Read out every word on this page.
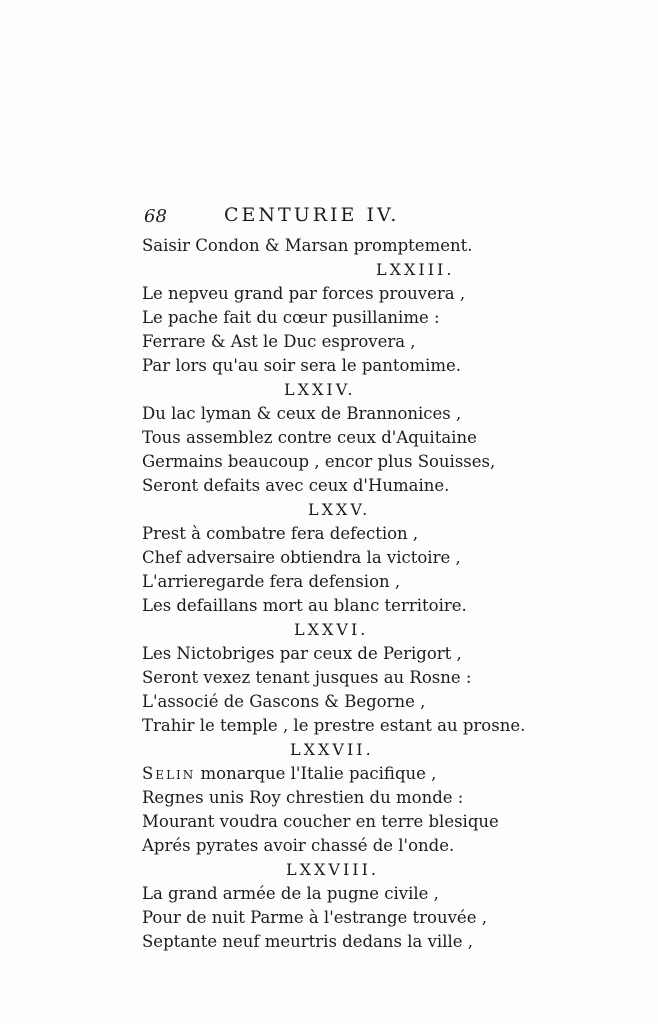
68	CENTURIE IV.
Saisir Condon & Marsan promptement.
LXXIII.
Le nepveu grand par forces prouvera ,
Le pache fait du cœur pusillanime :
Ferrare & Ast le Duc esprovera ,
Par lors qu'au soir sera le pantomime.
LXXIV.
Du lac lyman & ceux de Brannonices ,
Tous assemblez contre ceux d'Aquitaine
Germains beaucoup , encor plus Souisses,
Seront defaits avec ceux d'Humaine.
LXXV.
Prest à combatre fera defection ,
Chef adversaire obtiendra la victoire ,
L'arrieregarde fera defension ,
Les defaillans mort au blanc territoire.
LXXVI.
Les Nictobriges par ceux de Perigort ,
Seront vexez tenant jusques au Rosne :
L'associé de Gascons & Begorne ,
Trahir le temple , le prestre estant au prosne.
LXXVII.
Selin monarque l'Italie pacifique ,
Regnes unis Roy chrestien du monde :
Mourant voudra coucher en terre blesique
Aprés pyrates avoir chassé de l'onde.
LXXVIII.
La grand armée de la pugne civile ,
Pour de nuit Parme à l'estrange trouvée ,
Septante neuf meurtris dedans la ville ,
